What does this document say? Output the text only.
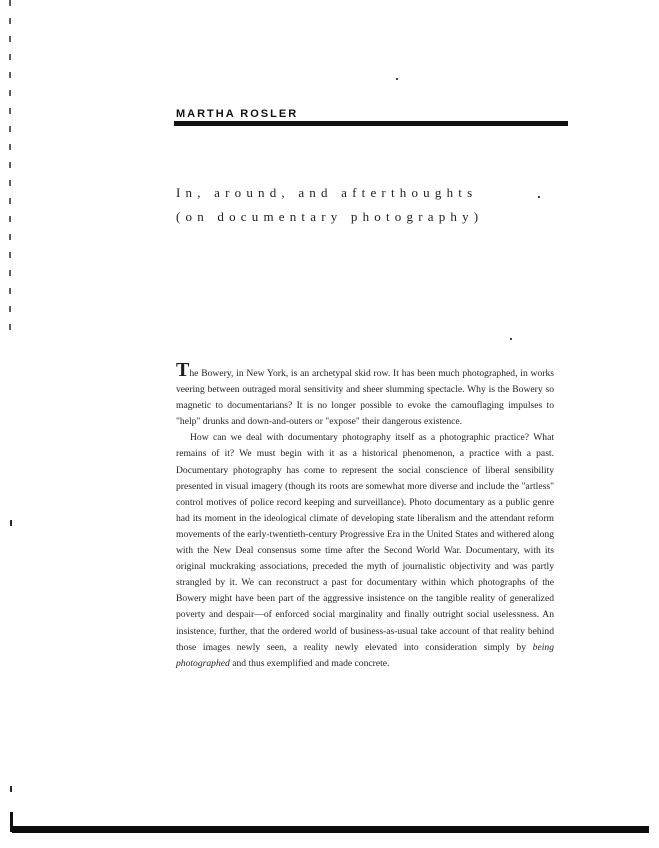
MARTHA ROSLER
In, around, and afterthoughts
(on documentary photography)

The Bowery, in New York, is an archetypal skid row. It has been much photographed, in works veering between outraged moral sensitivity and sheer slumming spectacle. Why is the Bowery so magnetic to documentarians? It is no longer possible to evoke the camouflaging impulses to "help" drunks and down-and-outers or "expose" their dangerous existence.

How can we deal with documentary photography itself as a photographic practice? What remains of it? We must begin with it as a historical phenomenon, a practice with a past. Documentary photography has come to represent the social conscience of liberal sensibility presented in visual imagery (though its roots are somewhat more diverse and include the "artless" control motives of police record keeping and surveillance). Photo documentary as a public genre had its moment in the ideological climate of developing state liberalism and the attendant reform movements of the early-twentieth-century Progressive Era in the United States and withered along with the New Deal consensus some time after the Second World War. Documentary, with its original muckraking associations, preceded the myth of journalistic objectivity and was partly strangled by it. We can reconstruct a past for documentary within which photographs of the Bowery might have been part of the aggressive insistence on the tangible reality of generalized poverty and despair—of enforced social marginality and finally outright social uselessness. An insistence, further, that the ordered world of business-as-usual take account of that reality behind those images newly seen, a reality newly elevated into consideration simply by being photographed and thus exemplified and made concrete.
